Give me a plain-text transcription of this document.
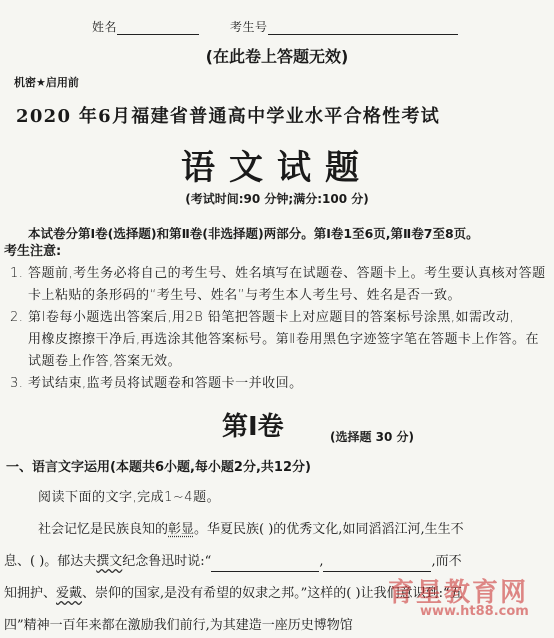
姓名	考生号
(在此卷上答题无效)
机密★启用前
2020 年6月福建省普通高中学业水平合格性考试
语文试题
(考试时间:90 分钟;满分:100 分)
本试卷分第Ⅰ卷(选择题)和第Ⅱ卷(非选择题)两部分。第Ⅰ卷1至6页,第Ⅱ卷7至8页。
考生注意:
1. 答题前,考生务必将自己的考生号、姓名填写在试题卷、答题卡上。考生要认真核对答题
卡上粘贴的条形码的“考生号、姓名”与考生本人考生号、姓名是否一致。
2. 第Ⅰ卷每小题选出答案后,用2B 铅笔把答题卡上对应题目的答案标号涂黑,如需改动,
用橡皮擦擦干净后,再选涂其他答案标号。第Ⅱ卷用黑色字迹签字笔在答题卡上作答。在
试题卷上作答,答案无效。
3. 考试结束,监考员将试题卷和答题卡一并收回。
第Ⅰ卷	(选择题 30 分)
一、语言文字运用(本题共6小题,每小题2分,共12分)
阅读下面的文字,完成1~4题。
社会记忆是民族良知的彰显。华夏民族( )的优秀文化,如同滔滔江河,生生不
息、( )。郁达夫撰文纪念鲁迅时说:“	,	,而不
知拥护、爱戴、崇仰的国家,是没有希望的奴隶之邦。”这样的( )让我们意识到:“五
四”精神一百年来都在激励我们前行,为其建造一座历史博物馆
育星教育网
www.ht88.com
